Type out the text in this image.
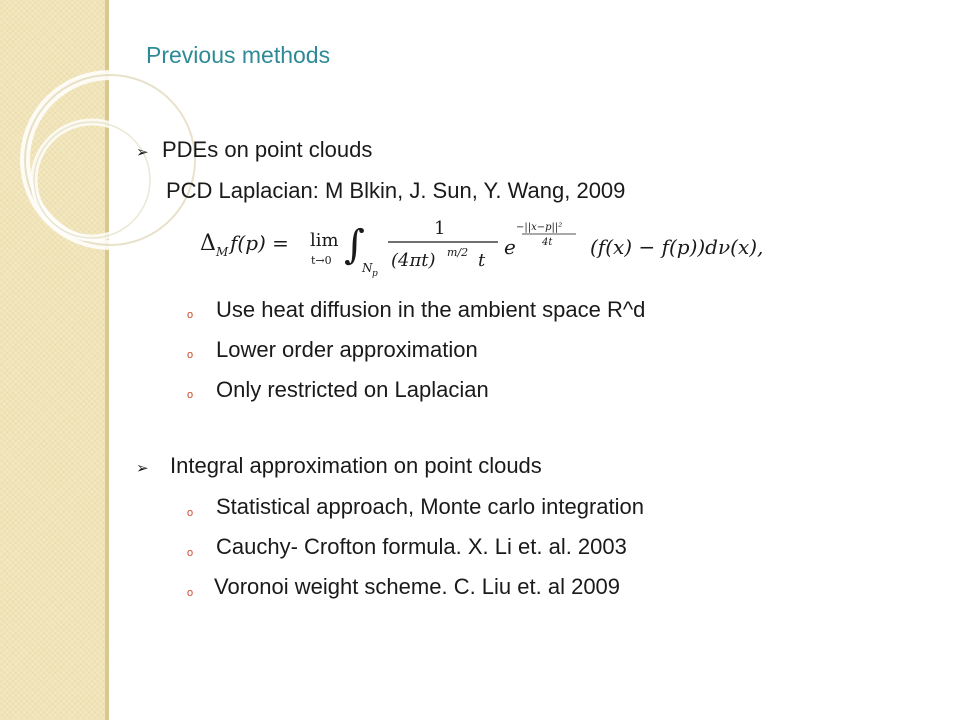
Previous methods
➢ PDEs on point clouds
PCD Laplacian: M Blkin, J. Sun, Y. Wang, 2009
Δ M f(p) = lim
t→0 ∫
N p
1
(4πt) m/2 t
e
−||x−p||²
4t (f(x) − f(p))dν(x),
o Use heat diffusion in the ambient space R^d
o Lower order approximation
o Only restricted on Laplacian
➢ Integral approximation on point clouds
o Statistical approach, Monte carlo integration
o Cauchy- Crofton formula. X. Li et. al. 2003
o Voronoi weight scheme. C. Liu et. al 2009
